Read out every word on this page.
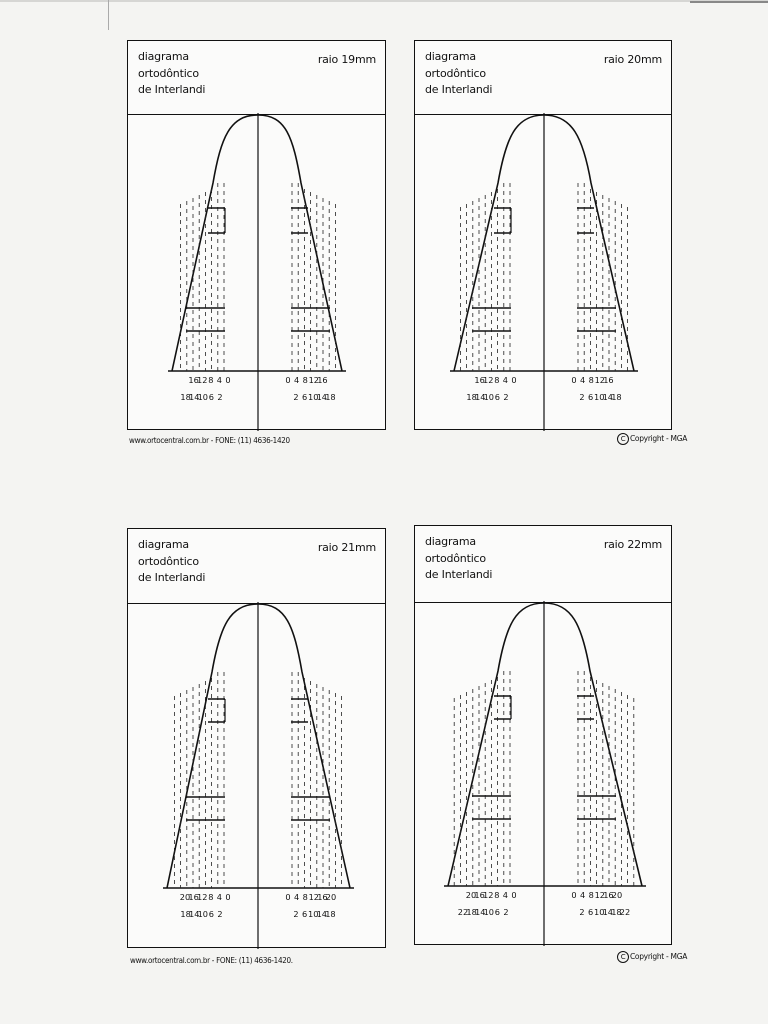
diagrama
ortodôntico
de Interlandi
raio 19mm
16
12 8 4 0
18
14
10 6 2
0 4 8 12
16
2 6 10
14
18
diagrama
ortodôntico
de Interlandi
raio 20mm
16
12 8 4 0
18
14
10 6 2
0 4 8 12
16
2 6 10
14
18
diagrama
ortodôntico
de Interlandi
raio 21mm
20
16
12 8 4 0
18
14
10 6 2
0 4 8 12
16
20
2 6 10
14
18
diagrama
ortodôntico
de Interlandi
raio 22mm
20
16
12 8 4 0
22
18
14
10 6 2
0 4 8 12
16
20
2 6 10
14
18
22
www.ortocentral.com.br - FONE: (11) 4636-1420	C Copyright - MGA
www.ortocentral.com.br - FONE: (11) 4636-1420.	C Copyright - MGA
